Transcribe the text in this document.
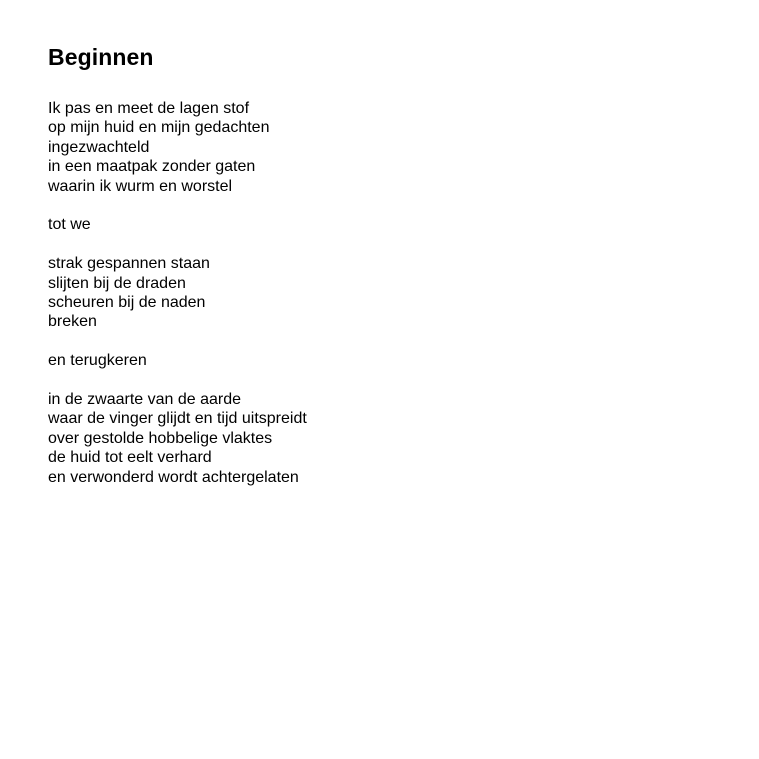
Beginnen
Ik pas en meet de lagen stof
op mijn huid en mijn gedachten
ingezwachteld
in een maatpak zonder gaten
waarin ik wurm en worstel
tot we
strak gespannen staan
slijten bij de draden
scheuren bij de naden
breken
en terugkeren
in de zwaarte van de aarde
waar de vinger glijdt en tijd uitspreidt
over gestolde hobbelige vlaktes
de huid tot eelt verhard
en verwonderd wordt achtergelaten
